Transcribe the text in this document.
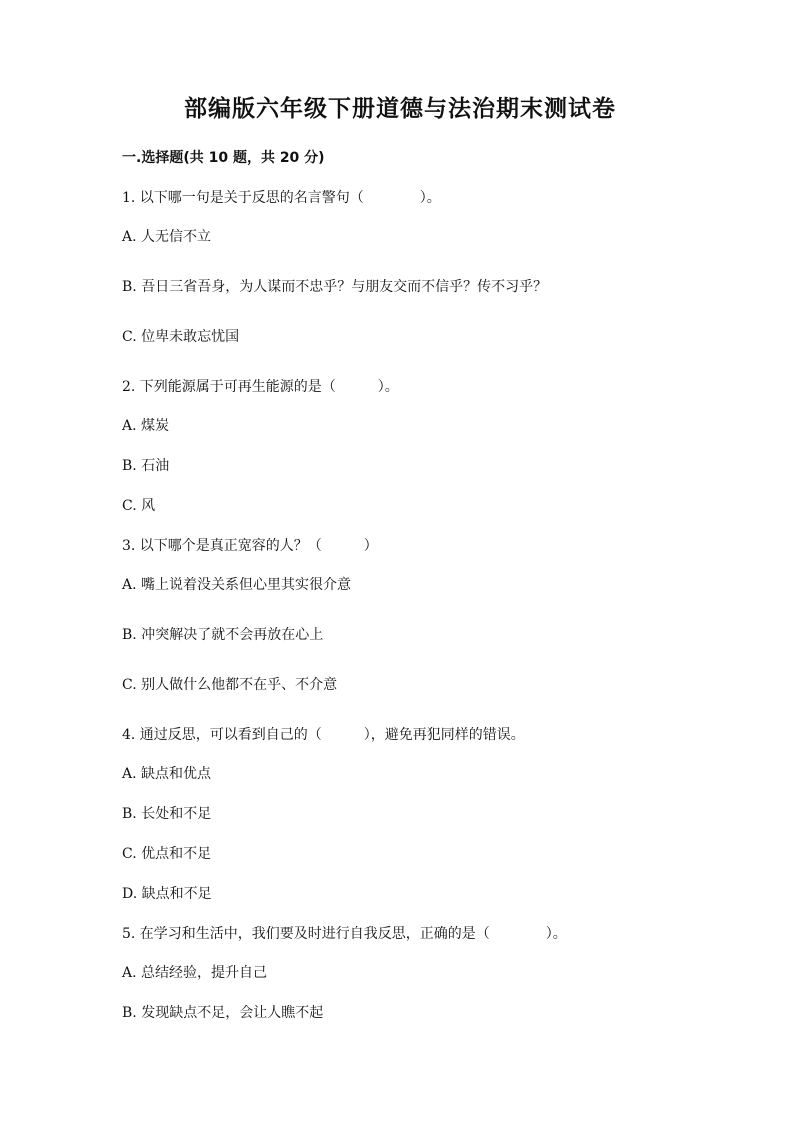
部编版六年级下册道德与法治期末测试卷
一.选择题(共 10 题，共 20 分)
1. 以下哪一句是关于反思的名言警句（　　　　）。
A. 人无信不立
B. 吾日三省吾身，为人谋而不忠乎？与朋友交而不信乎？传不习乎？
C. 位卑未敢忘忧国
2. 下列能源属于可再生能源的是（　　　）。
A. 煤炭
B. 石油
C. 风
3. 以下哪个是真正宽容的人？（　　　）
A. 嘴上说着没关系但心里其实很介意
B. 冲突解决了就不会再放在心上
C. 别人做什么他都不在乎、不介意
4. 通过反思，可以看到自己的（　　　），避免再犯同样的错误。
A. 缺点和优点
B. 长处和不足
C. 优点和不足
D. 缺点和不足
5. 在学习和生活中，我们要及时进行自我反思，正确的是（　　　　）。
A. 总结经验，提升自己
B. 发现缺点不足，会让人瞧不起
